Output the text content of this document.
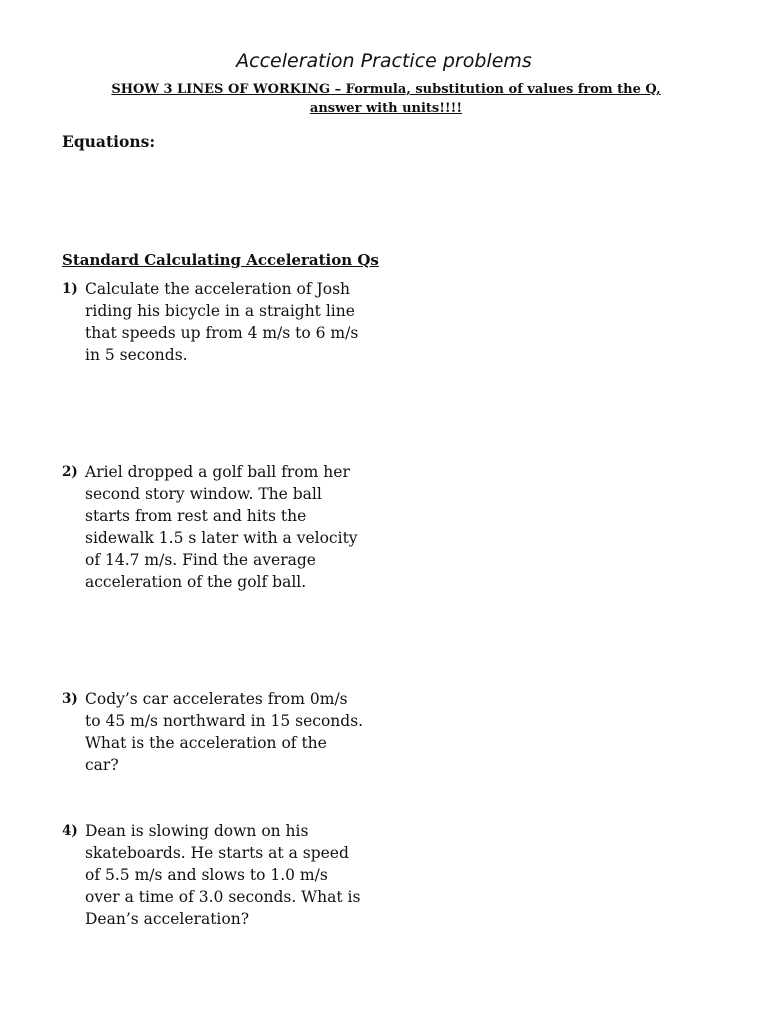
Acceleration Practice problems

SHOW 3 LINES OF WORKING – Formula, substitution of values from the Q, answer with units!!!!

Equations:

Standard Calculating Acceleration Qs
1) Calculate the acceleration of Josh riding his bicycle in a straight line that speeds up from 4 m/s to 6 m/s in 5 seconds.
2) Ariel dropped a golf ball from her second story window. The ball starts from rest and hits the sidewalk 1.5 s later with a velocity of 14.7 m/s. Find the average acceleration of the golf ball.
3) Cody’s car accelerates from 0m/s to 45 m/s northward in 15 seconds. What is the acceleration of the car?
4) Dean is slowing down on his skateboards. He starts at a speed of 5.5 m/s and slows to 1.0 m/s over a time of 3.0 seconds. What is Dean’s acceleration?
